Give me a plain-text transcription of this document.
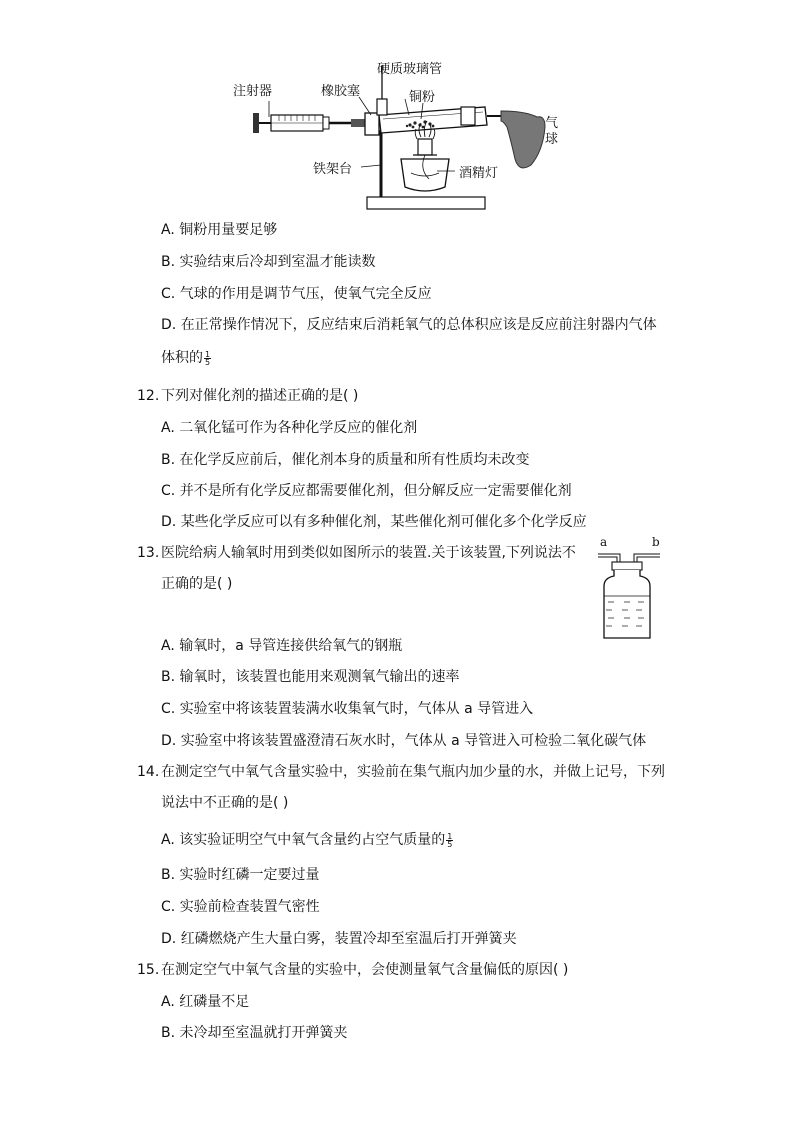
注射器	橡胶塞
硬质玻璃管
铜粉
气
球
铁架台	酒精灯
A. 铜粉用量要足够
B. 实验结束后冷却到室温才能读数
C. 气球的作用是调节气压，使氧气完全反应
D. 在正常操作情况下，反应结束后消耗氧气的总体积应该是反应前注射器内气体
体积的 $\frac{1}{5}$
12. 下列对催化剂的描述正确的是( )
A. 二氧化锰可作为各种化学反应的催化剂
B. 在化学反应前后，催化剂本身的质量和所有性质均未改变
C. 并不是所有化学反应都需要催化剂，但分解反应一定需要催化剂
D. 某些化学反应可以有多种催化剂，某些催化剂可催化多个化学反应
13. 医院给病人输氧时用到类似如图所示的装置.关于该装置,下列说法不
正确的是( )
a	b
A. 输氧时，a 导管连接供给氧气的钢瓶
B. 输氧时，该装置也能用来观测氧气输出的速率
C. 实验室中将该装置装满水收集氧气时，气体从 a 导管进入
D. 实验室中将该装置盛澄清石灰水时，气体从 a 导管进入可检验二氧化碳气体
14. 在测定空气中氧气含量实验中，实验前在集气瓶内加少量的水，并做上记号，下列
说法中不正确的是( )
A. 该实验证明空气中氧气含量约占空气质量的 $\frac{1}{5}$
B. 实验时红磷一定要过量
C. 实验前检查装置气密性
D. 红磷燃烧产生大量白雾，装置冷却至室温后打开弹簧夹
15. 在测定空气中氧气含量的实验中，会使测量氧气含量偏低的原因( )
A. 红磷量不足
B. 未冷却至室温就打开弹簧夹
